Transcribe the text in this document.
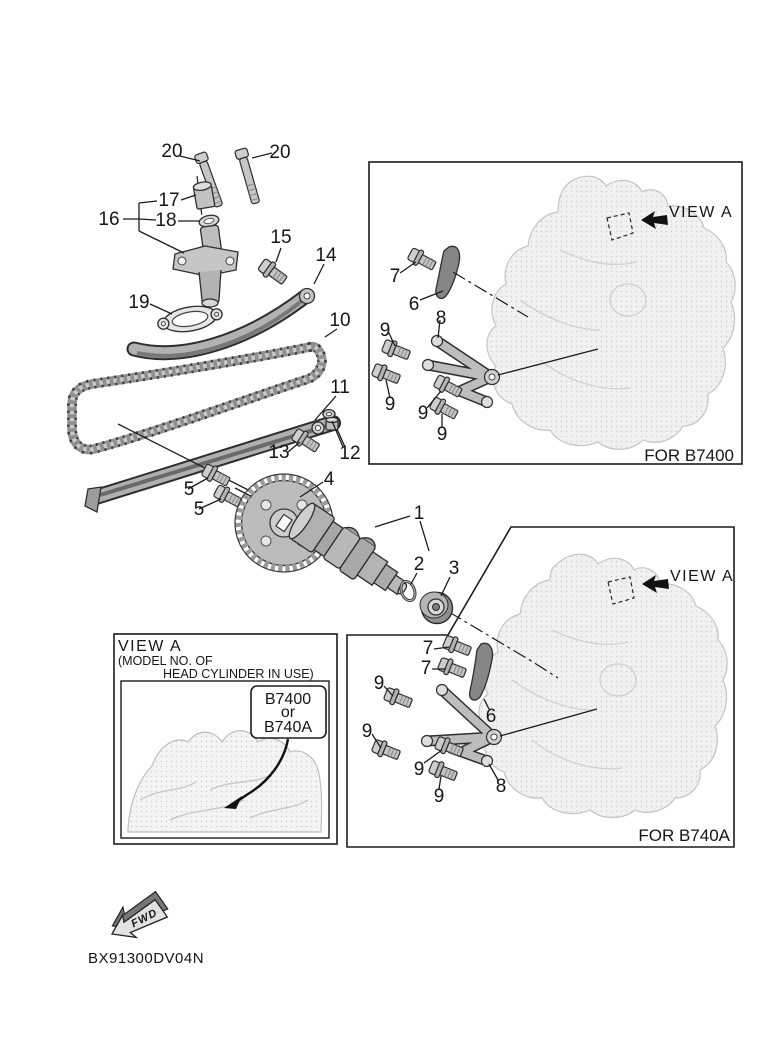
VIEW A
FOR B7400
7
6
8
9
9 9
9
VIEW A
FOR B740A
7
7
6
8
9
9
9
9
20	20
17
18
16
15
14
19
10
11
13	12
5
5
4
1
2 3
VIEW A
(MODEL NO. OF
HEAD CYLINDER IN USE)
B7400
or
B740A
FWD
BX91300DV04N
